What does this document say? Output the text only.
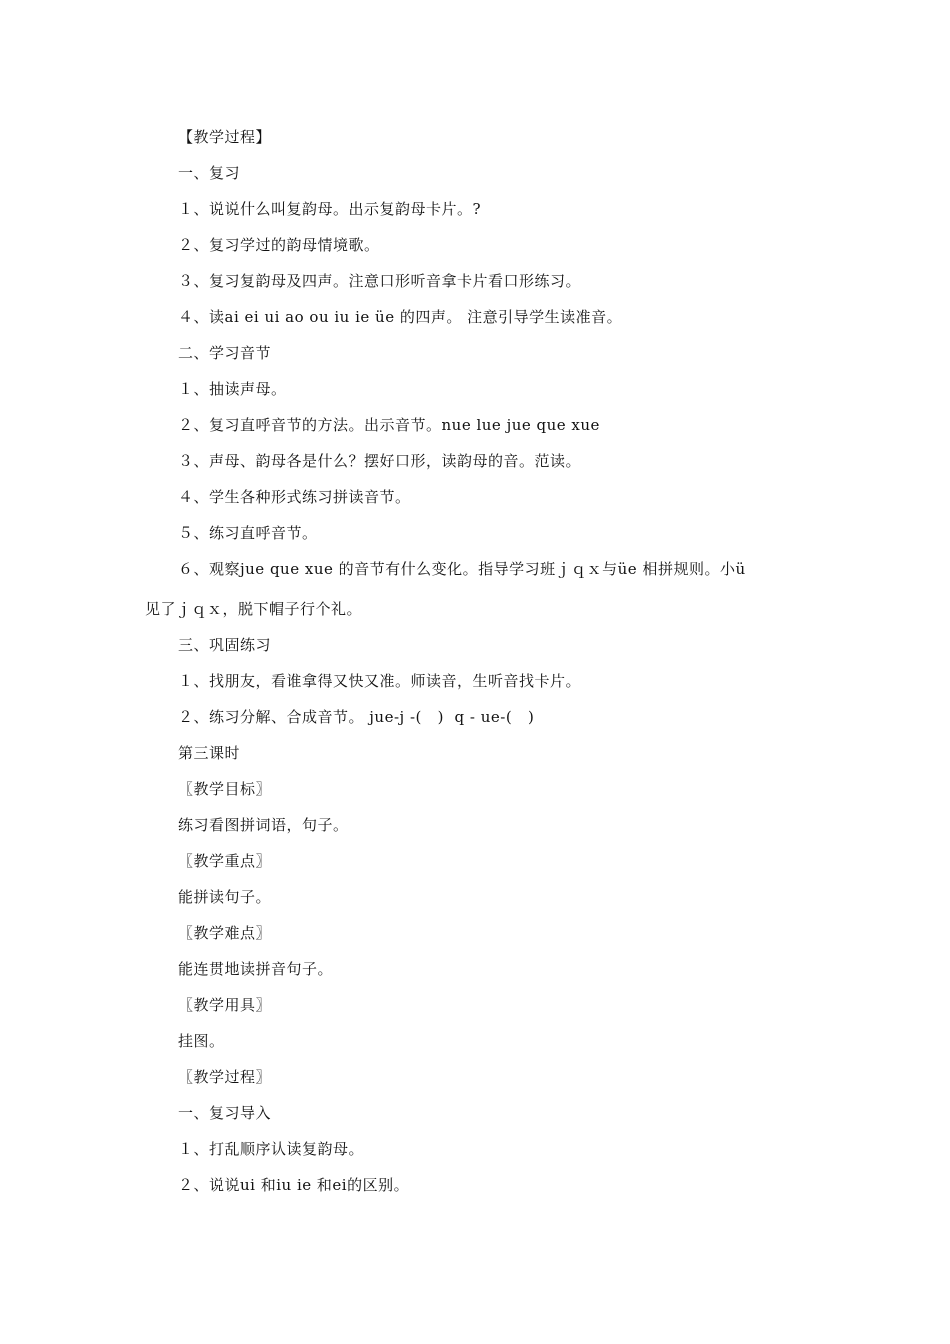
【教学过程】
一、复习
１、说说什么叫复韵母。出示复韵母卡片。?
２、复习学过的韵母情境歌。
３、复习复韵母及四声。注意口形听音拿卡片看口形练习。
４、读ai ei ui ao ou iu ie üe 的四声。 注意引导学生读准音。
二、学习音节
１、抽读声母。
２、复习直呼音节的方法。出示音节。nue lue jue que xue
３、声母、韵母各是什么？摆好口形，读韵母的音。范读。
４、学生各种形式练习拼读音节。
５、练习直呼音节。
６、观察jue que xue 的音节有什么变化。指导学习班ｊｑｘ与üe 相拼规则。小ü
见了ｊｑｘ，脱下帽子行个礼。
三、巩固练习
１、找朋友，看谁拿得又快又准。师读音，生听音找卡片。
２、练习分解、合成音节。 jue-j -(   )  q - ue-(   )
第三课时
〖教学目标〗
练习看图拼词语，句子。
〖教学重点〗
能拼读句子。
〖教学难点〗
能连贯地读拼音句子。
〖教学用具〗
挂图。
〖教学过程〗
一、复习导入
１、打乱顺序认读复韵母。
２、说说ui 和iu ie 和ei的区别。
